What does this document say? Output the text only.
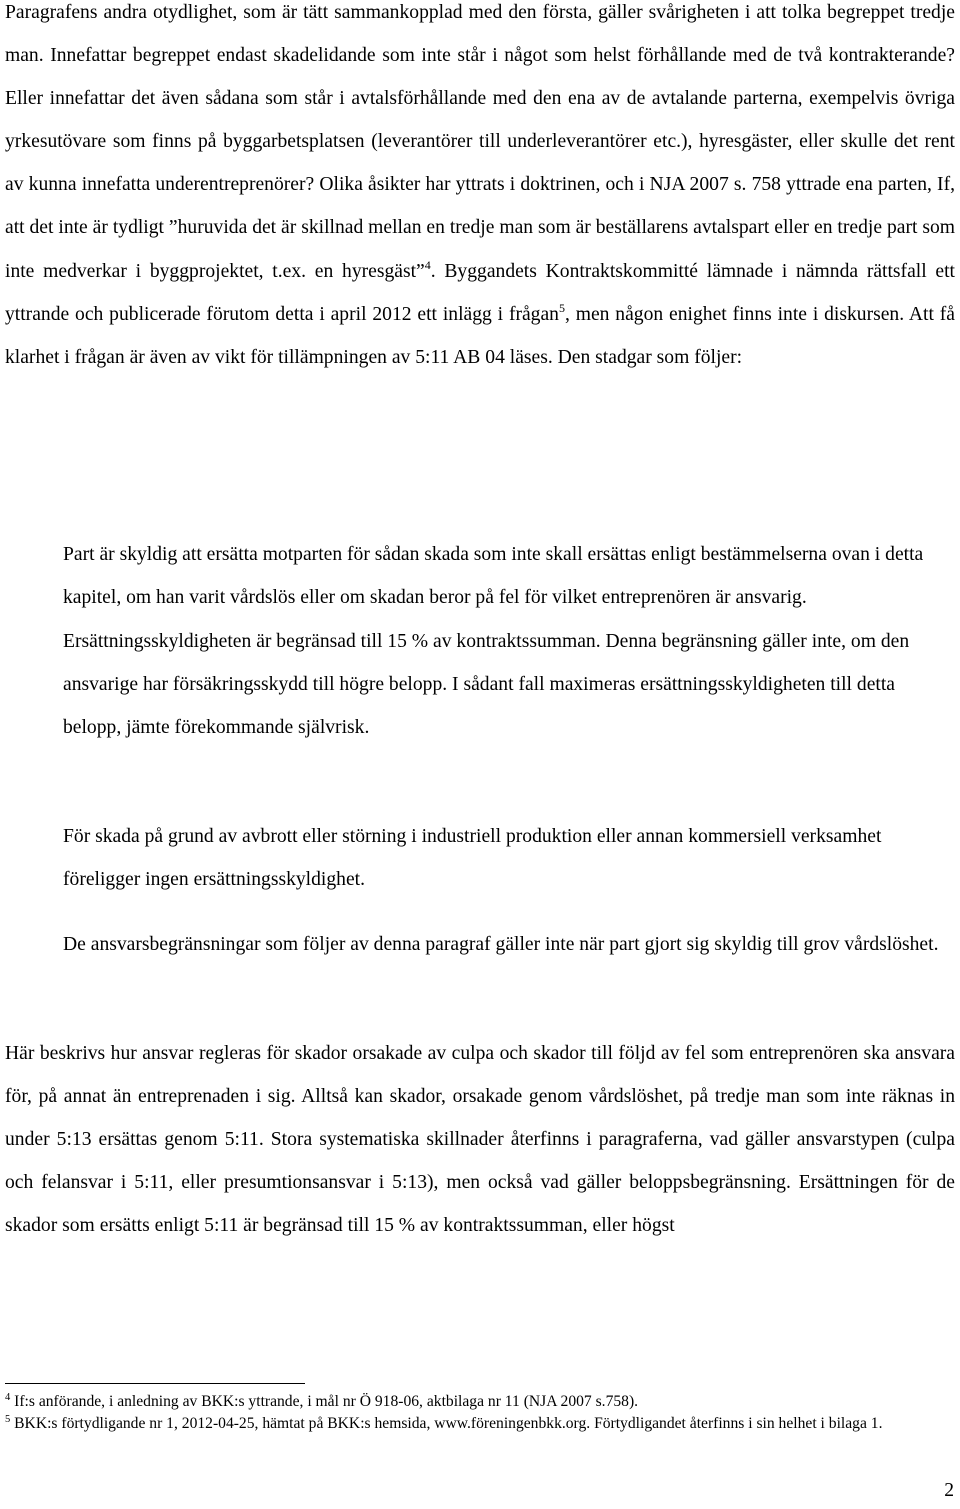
Paragrafens andra otydlighet, som är tätt sammankopplad med den första, gäller svårigheten i att tolka begreppet tredje man. Innefattar begreppet endast skadelidande som inte står i något som helst förhållande med de två kontrakterande? Eller innefattar det även sådana som står i avtalsförhållande med den ena av de avtalande parterna, exempelvis övriga yrkesutövare som finns på byggarbetsplatsen (leverantörer till underleverantörer etc.), hyresgäster, eller skulle det rent av kunna innefatta underentreprenörer? Olika åsikter har yttrats i doktrinen, och i NJA 2007 s. 758 yttrade ena parten, If, att det inte är tydligt ”huruvida det är skillnad mellan en tredje man som är beställarens avtalspart eller en tredje part som inte medverkar i byggprojektet, t.ex. en hyresgäst”$^4$. Byggandets Kontraktskommitté lämnade i nämnda rättsfall ett yttrande och publicerade förutom detta i april 2012 ett inlägg i frågan$^5$, men någon enighet finns inte i diskursen. Att få klarhet i frågan är även av vikt för tillämpningen av 5:11 AB 04 läses. Den stadgar som följer:

Part är skyldig att ersätta motparten för sådan skada som inte skall ersättas enligt bestämmelserna ovan i detta kapitel, om han varit vårdslös eller om skadan beror på fel för vilket entreprenören är ansvarig. Ersättningsskyldigheten är begränsad till 15 % av kontraktssumman. Denna begränsning gäller inte, om den ansvarige har försäkringsskydd till högre belopp. I sådant fall maximeras ersättningsskyldigheten till detta belopp, jämte förekommande självrisk.

För skada på grund av avbrott eller störning i industriell produktion eller annan kommersiell verksamhet föreligger ingen ersättningsskyldighet.

De ansvarsbegränsningar som följer av denna paragraf gäller inte när part gjort sig skyldig till grov vårdslöshet.

Här beskrivs hur ansvar regleras för skador orsakade av culpa och skador till följd av fel som entreprenören ska ansvara för, på annat än entreprenaden i sig. Alltså kan skador, orsakade genom vårdslöshet, på tredje man som inte räknas in under 5:13 ersättas genom 5:11. Stora systematiska skillnader återfinns i paragraferna, vad gäller ansvarstypen (culpa och felansvar i 5:11, eller presumtionsansvar i 5:13), men också vad gäller beloppsbegränsning. Ersättningen för de skador som ersätts enligt 5:11 är begränsad till 15 % av kontraktssumman, eller högst

$^4$ If:s anförande, i anledning av BKK:s yttrande, i mål nr Ö 918-06, aktbilaga nr 11 (NJA 2007 s.758).

$^5$ BKK:s förtydligande nr 1, 2012-04-25, hämtat på BKK:s hemsida, www.föreningenbkk.org. Förtydligandet återfinns i sin helhet i bilaga 1.

2
